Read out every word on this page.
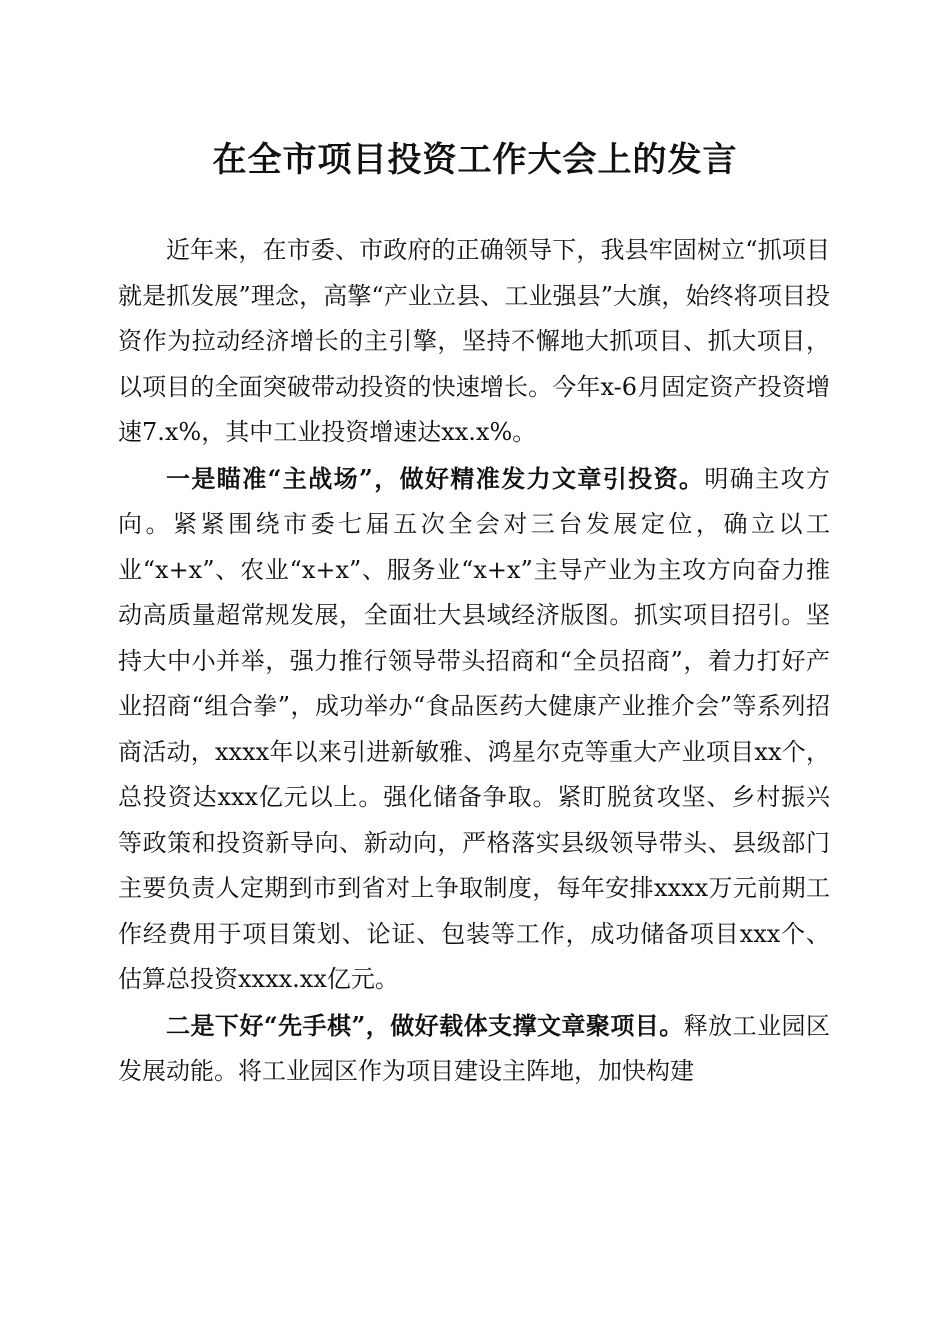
在全市项目投资工作大会上的发言

近年来，在市委、市政府的正确领导下，我县牢固树立“抓项目就是抓发展”理念，高擎“产业立县、工业强县”大旗，始终将项目投资作为拉动经济增长的主引擎，坚持不懈地大抓项目、抓大项目，以项目的全面突破带动投资的快速增长。今年x-6月固定资产投资增速7.x%，其中工业投资增速达xx.x%。

一是瞄准“主战场”，做好精准发力文章引投资。明确主攻方向。紧紧围绕市委七届五次全会对三台发展定位，确立以工业“x+x”、农业“x+x”、服务业“x+x”主导产业为主攻方向奋力推动高质量超常规发展，全面壮大县域经济版图。抓实项目招引。坚持大中小并举，强力推行领导带头招商和“全员招商”，着力打好产业招商“组合拳”，成功举办“食品医药大健康产业推介会”等系列招商活动，xxxx年以来引进新敏雅、鸿星尔克等重大产业项目xx个，总投资达xxx亿元以上。强化储备争取。紧盯脱贫攻坚、乡村振兴等政策和投资新导向、新动向，严格落实县级领导带头、县级部门主要负责人定期到市到省对上争取制度，每年安排xxxx万元前期工作经费用于项目策划、论证、包装等工作，成功储备项目xxx个、估算总投资xxxx.xx亿元。

二是下好“先手棋”，做好载体支撑文章聚项目。释放工业园区发展动能。将工业园区作为项目建设主阵地，加快构建
